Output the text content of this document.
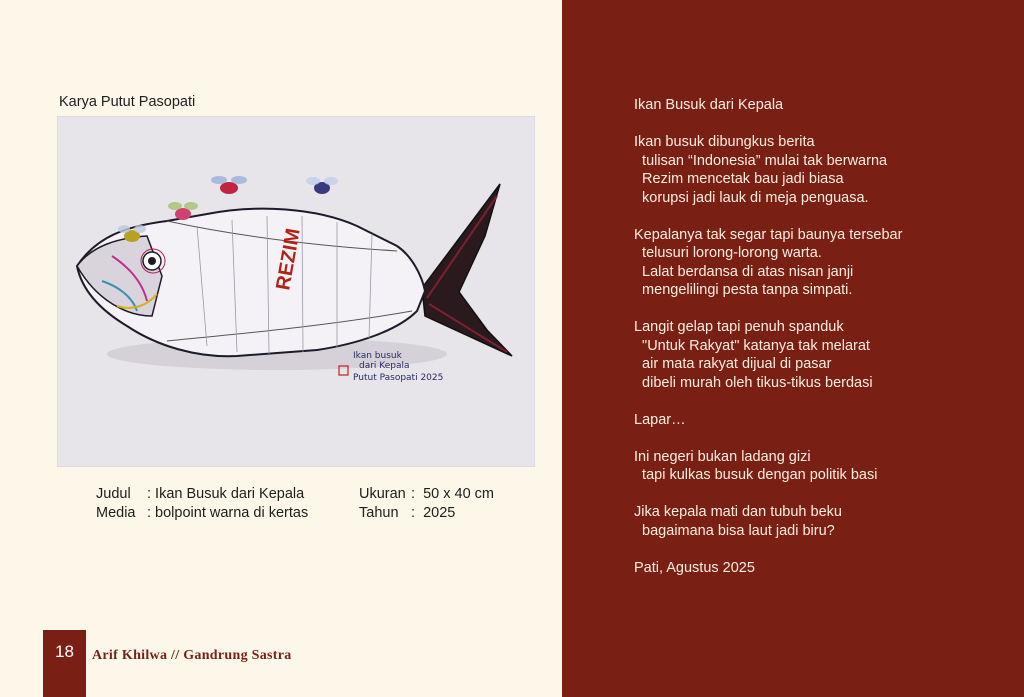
Karya Putut Pasopati
REZIM
Ikan busuk
dari Kepala
Putut Pasopati 2025
Judul : Ikan Busuk dari Kepala
Media : bolpoint warna di kertas
Ukuran :  50 x 40 cm
Tahun :  2025
18	Arif Khilwa // Gandrung Sastra
Ikan Busuk dari Kepala
Ikan busuk dibungkus berita
tulisan “Indonesia” mulai tak berwarna
Rezim mencetak bau jadi biasa
korupsi jadi lauk di meja penguasa.
Kepalanya tak segar tapi baunya tersebar
telusuri lorong-lorong warta.
Lalat berdansa di atas nisan janji
mengelilingi pesta tanpa simpati.
Langit gelap tapi penuh spanduk
"Untuk Rakyat" katanya tak melarat
air mata rakyat dijual di pasar
dibeli murah oleh tikus-tikus berdasi
Lapar…
Ini negeri bukan ladang gizi
tapi kulkas busuk dengan politik basi
Jika kepala mati dan tubuh beku
bagaimana bisa laut jadi biru?
Pati, Agustus 2025
